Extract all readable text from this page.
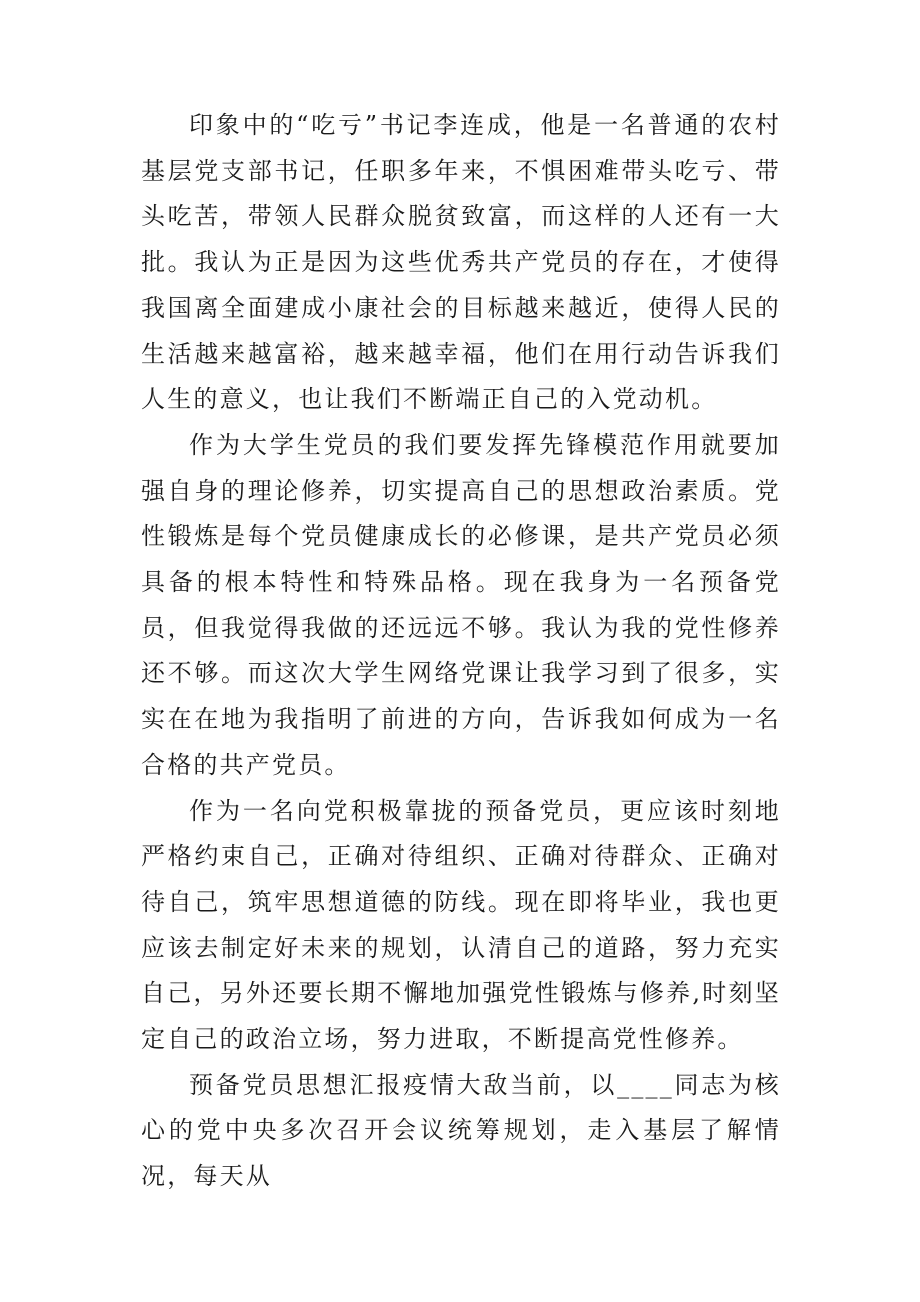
印象中的“吃亏”书记李连成，他是一名普通的农村基层党支部书记，任职多年来，不惧困难带头吃亏、带头吃苦，带领人民群众脱贫致富，而这样的人还有一大批。我认为正是因为这些优秀共产党员的存在，才使得我国离全面建成小康社会的目标越来越近，使得人民的生活越来越富裕，越来越幸福，他们在用行动告诉我们人生的意义，也让我们不断端正自己的入党动机。

作为大学生党员的我们要发挥先锋模范作用就要加强自身的理论修养，切实提高自己的思想政治素质。党性锻炼是每个党员健康成长的必修课，是共产党员必须具备的根本特性和特殊品格。现在我身为一名预备党员，但我觉得我做的还远远不够。我认为我的党性修养还不够。而这次大学生网络党课让我学习到了很多，实实在在地为我指明了前进的方向，告诉我如何成为一名合格的共产党员。

作为一名向党积极靠拢的预备党员，更应该时刻地严格约束自己，正确对待组织、正确对待群众、正确对待自己，筑牢思想道德的防线。现在即将毕业，我也更应该去制定好未来的规划，认清自己的道路，努力充实自己，另外还要长期不懈地加强党性锻炼与修养,时刻坚定自己的政治立场，努力进取，不断提高党性修养。

预备党员思想汇报疫情大敌当前，以____同志为核心的党中央多次召开会议统筹规划，走入基层了解情况，每天从
